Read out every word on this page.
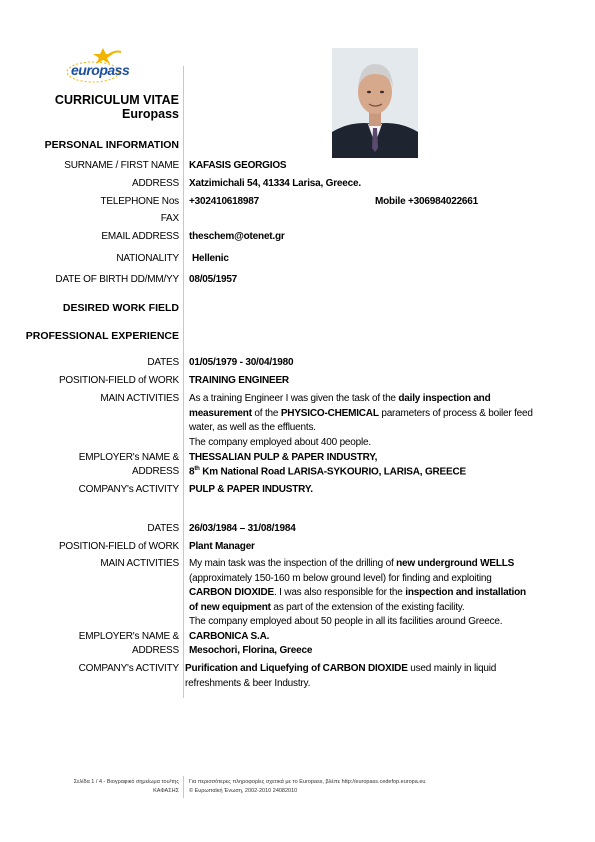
europass
CURRICULUM VITAE
Europass
PERSONAL INFORMATION
SURNAME / FIRST NAME KAFASIS GEORGIOS
ADDRESS Xatzimichali 54, 41334 Larisa, Greece.
TELEPHONE Nos +302410618987	Mobile +306984022661
FAX
EMAIL ADDRESS theschem@otenet.gr
NATIONALITY Hellenic
DATE OF BIRTH DD/MM/YY 08/05/1957
DESIRED WORK FIELD
PROFESSIONAL EXPERIENCE
DATES 01/05/1979 - 30/04/1980
POSITION-FIELD of WORK TRAINING ENGINEER
MAIN ACTIVITIES As a training Engineer I was given the task of the daily inspection and measurement of the PHYSICO-CHEMICAL parameters of process & boiler feed water, as well as the effluents.

The company employed about 400 people.

EMPLOYER's NAME & THESSALIAN PULP & PAPER INDUSTRY,
ADDRESS 8th Km National Road LARISA-SYKOURIO, LARISA, GREECE
COMPANY's ACTIVITY PULP & PAPER INDUSTRY.
DATES 26/03/1984 – 31/08/1984
POSITION-FIELD of WORK Plant Manager
MAIN ACTIVITIES My main task was the inspection of the drilling of new underground WELLS (approximately 150-160 m below ground level) for finding and exploiting CARBON DIOXIDE. I was also responsible for the inspection and installation of new equipment as part of the extension of the existing facility.

The company employed about 50 people in all its facilities around Greece.

EMPLOYER's NAME & CARBONICA S.A.
ADDRESS Mesochori, Florina, Greece
COMPANY's ACTIVITY Purification and Liquefying of CARBON DIOXIDE used mainly in liquid refreshments & beer Industry.
Σελίδα 1 / 4 - Βιογραφικό σημείωμα του/της
ΚΑΦΑΣΗΣ
Για περισσότερες πληροφορίες σχετικά με το Europass, βλέπε http://europass.cedefop.europa.eu
© Ευρωπαϊκή Ένωση, 2002-2010 24082010
